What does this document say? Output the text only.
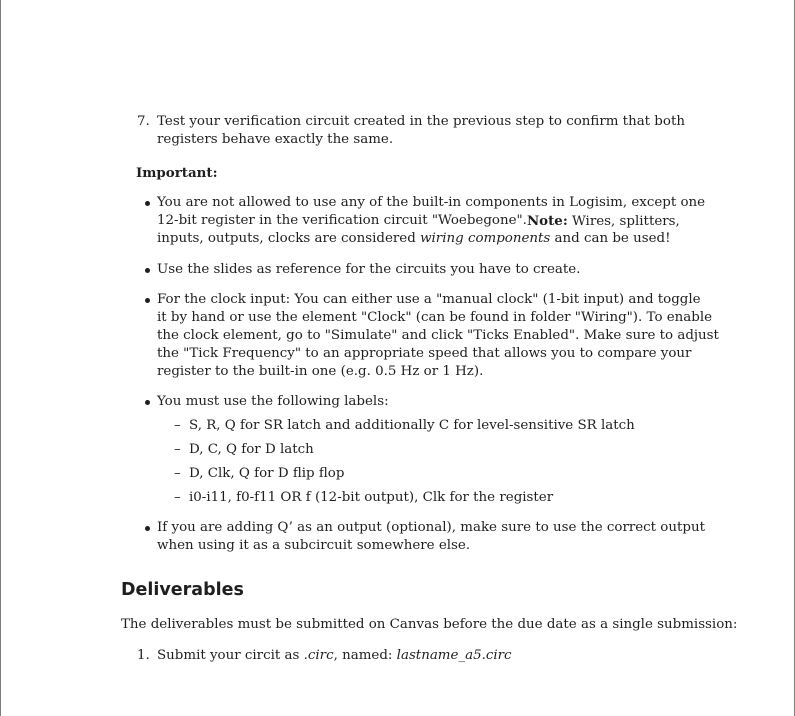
7. Test your verification circuit created in the previous step to confirm that both
registers behave exactly the same.
Important:
You are not allowed to use any of the built-in components in Logisim, except one
12-bit register in the verification circuit "Woebegone". Note: Wires, splitters,
inputs, outputs, clocks are considered wiring components and can be used!
Use the slides as reference for the circuits you have to create.
For the clock input: You can either use a "manual clock" (1-bit input) and toggle
it by hand or use the element "Clock" (can be found in folder "Wiring"). To enable
the clock element, go to "Simulate" and click "Ticks Enabled". Make sure to adjust
the "Tick Frequency" to an appropriate speed that allows you to compare your
register to the built-in one (e.g. 0.5 Hz or 1 Hz).
You must use the following labels:
– S, R, Q for SR latch and additionally C for level-sensitive SR latch
– D, C, Q for D latch
– D, Clk, Q for D flip flop
– i0-i11, f0-f11 OR f (12-bit output), Clk for the register
If you are adding Q’ as an output (optional), make sure to use the correct output
when using it as a subcircuit somewhere else.
Deliverables
The deliverables must be submitted on Canvas before the due date as a single submission:
1. Submit your circit as .circ, named: lastname_a5.circ
